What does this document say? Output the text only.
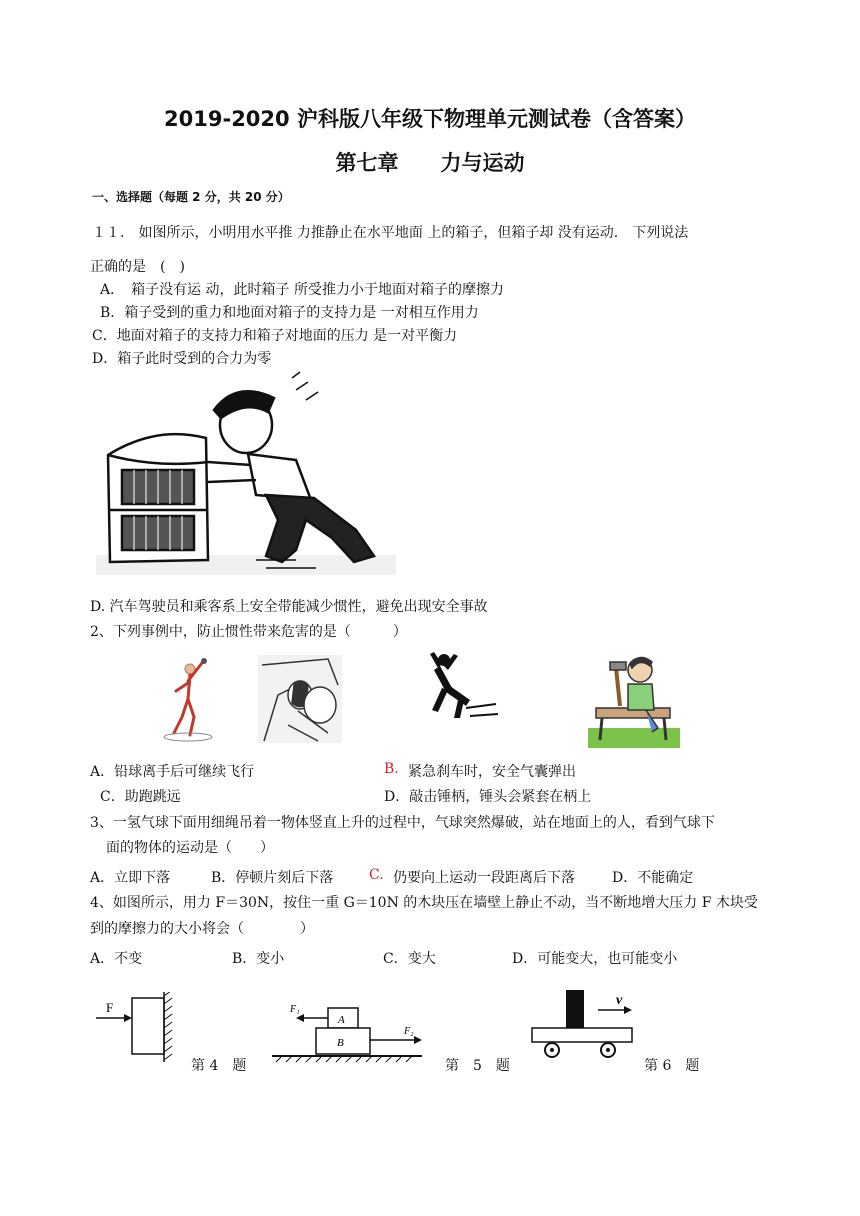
2019-2020 沪科版八年级下物理单元测试卷（含答案）
第七章　　力与运动
一、选择题（每题 2 分，共 20 分）
１１.　如图所示，小明用水平推 力推静止在水平地面 上的箱子，但箱子却 没有运动.　下列说法
正确的是　(　)
A．　箱子没有运 动，此时箱子 所受推力小于地面对箱子的摩擦力
B．箱子受到的重力和地面对箱子的支持力是 一对相互作用力
C．地面对箱子的支持力和箱子对地面的压力 是一对平衡力
D．箱子此时受到的合力为零
D. 汽车驾驶员和乘客系上安全带能减少惯性，避免出现安全事故
2、下列事例中，防止惯性带来危害的是（　　　）
A．铅球离手后可继续飞行	B. 紧急刹车时，安全气囊弹出
C．助跑跳远	D．敲击锤柄，锤头会紧套在柄上
3、一氢气球下面用细绳吊着一物体竖直上升的过程中，气球突然爆破，站在地面上的人，看到气球下
面的物体的运动是（　　）
A．立即下落	B．停顿片刻后下落	C. 仍要向上运动一段距离后下落	D．不能确定
4、如图所示，用力 F＝30N，按住一重 G＝10N 的木块压在墙壁上静止不动，当不断地增大压力 F 木块受
到的摩擦力的大小将会（　　　　）
A．不变	B．变小	C．变大	D．可能变大，也可能变小
F
第 4　题
F₁
F₂
A
B
第　5　题
v
第 6　题
